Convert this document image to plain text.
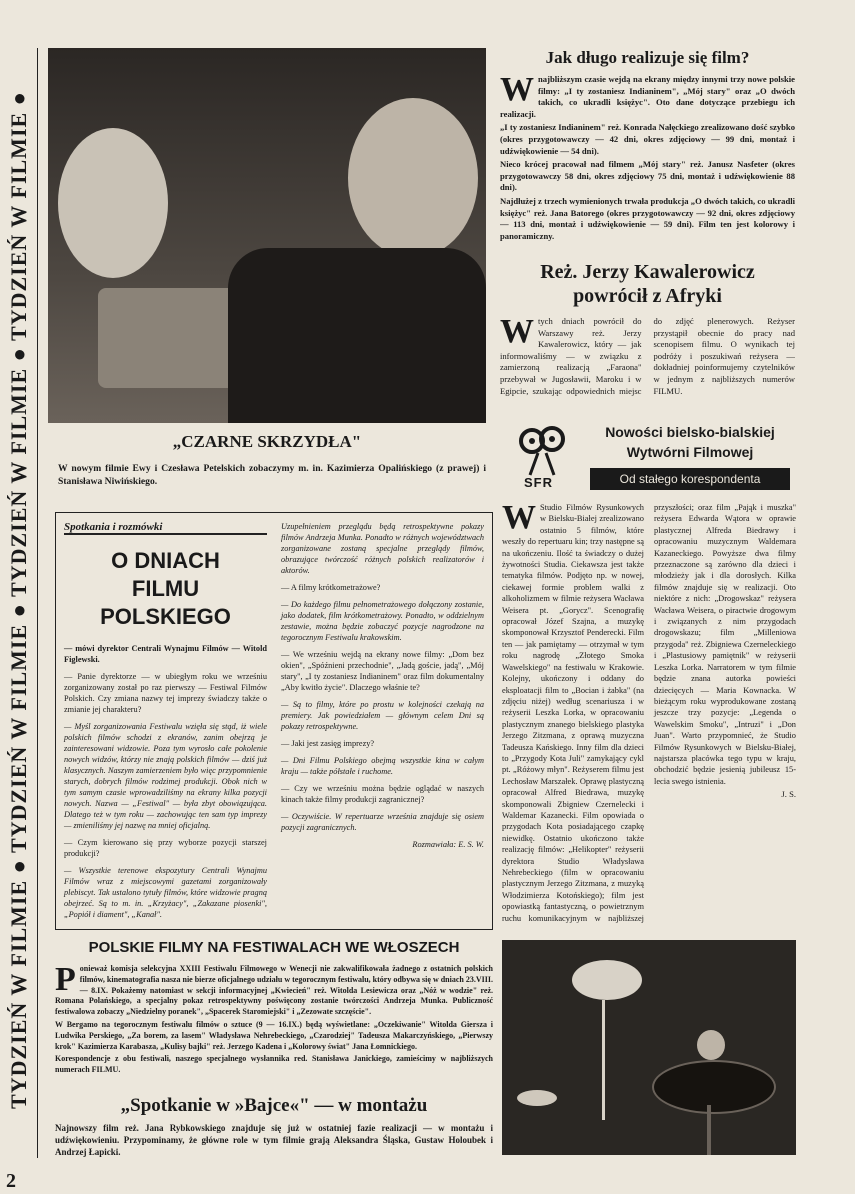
TYDZIEŃ W FILMIE ● TYDZIEŃ W FILMIE ● TYDZIEŃ W FILMIE ● TYDZIEŃ W FILMIE ●
2
„CZARNE SKRZYDŁA"
W nowym filmie Ewy i Czesława Petelskich zobaczymy m. in. Kazimierza Opalińskiego (z prawej) i Stanisława Niwińskiego.
Jak długo realizuje się film?

Wnajbliższym czasie wejdą na ekrany między innymi trzy nowe polskie filmy: „I ty zostaniesz Indianinem", „Mój stary" oraz „O dwóch takich, co ukradli księżyc". Oto dane dotyczące przebiegu ich realizacji.

„I ty zostaniesz Indianinem" reż. Konrada Nałęckiego zrealizowano dość szybko (okres przygotowawczy — 42 dni, okres zdjęciowy — 99 dni, montaż i udźwiękowienie — 54 dni).

Nieco krócej pracował nad filmem „Mój stary" reż. Janusz Nasfeter (okres przygotowawczy 58 dni, okres zdjęciowy 75 dni, montaż i udźwiękowienie 88 dni).

Najdłużej z trzech wymienionych trwała produkcja „O dwóch takich, co ukradli księżyc" reż. Jana Batorego (okres przygotowawczy — 92 dni, okres zdjęciowy — 113 dni, montaż i udźwiękowienie — 59 dni). Film ten jest kolorowy i panoramiczny.

Reż. Jerzy Kawalerowicz
powrócił z Afryki

Wtych dniach powrócił do Warszawy reż. Jerzy Kawalerowicz, który — jak informowaliśmy — w związku z zamierzoną realizacją „Faraona" przebywał w Jugosławii, Maroku i w Egipcie, szukając odpowiednich miejsc do zdjęć plenerowych. Reżyser przystąpił obecnie do pracy nad scenopisem filmu. O wynikach tej podróży i poszukiwań reżysera — dokładniej poinformujemy czytelników w jednym z najbliższych numerów FILMU.

SFR
Nowości bielsko-bialskiej
Wytwórni Filmowej
Od stałego korespondenta

W Studio Filmów Rysunkowych w Bielsku-Białej zrealizowano ostatnio 5 filmów, które weszły do repertuaru kin; trzy następne są na ukończeniu. Ilość ta świadczy o dużej żywotności Studia. Ciekawsza jest także tematyka filmów. Podjęto np. w nowej, ciekawej formie problem walki z alkoholizmem w filmie reżysera Wacława Weisera pt. „Gorycz". Scenografię opracował Józef Szajna, a muzykę skomponował Krzysztof Penderecki. Film ten — jak pamiętamy — otrzymał w tym roku nagrodę „Złotego Smoka Wawelskiego" na festiwalu w Krakowie. Kolejny, ukończony i oddany do eksploatacji film to „Bocian i żabka" (na zdjęciu niżej) według scenariusza i w reżyserii Leszka Lorka, w opracowaniu plastycznym znanego bielskiego plastyka Jerzego Zitzmana, z oprawą muzyczna Tadeusza Kańskiego. Inny film dla dzieci to „Przygody Kota Juli" zamykający cykl pt. „Różowy młyn". Reżyserem filmu jest Lechosław Marszałek. Oprawę plastyczną opracował Alfred Biedrawa, muzykę skomponowali Zbigniew Czernelecki i Waldemar Kazanecki. Film opowiada o przygodach Kota posiadającego czapkę niewidkę. Ostatnio ukończono także realizację filmów: „Helikopter" reżyserii dyrektora Studio Władysława Nehrebeckiego (film w opracowaniu plastycznym Jerzego Zitzmana, z muzyką Włodzimierza Kotońskiego); film jest opowiastką fantastyczną, o powietrznym ruchu komunikacyjnym w najbliższej przyszłości; oraz film „Pająk i muszka" reżysera Edwarda Wątora w oprawie plastycznej Alfreda Biedrawy i opracowaniu muzycznym Waldemara Kazaneckiego. Powyższe dwa filmy przeznaczone są zarówno dla dzieci i młodzieży jak i dla dorosłych. Kilka filmów znajduje się w realizacji. Oto niektóre z nich: „Drogowskaz" reżysera Wacława Weisera, o piractwie drogowym i związanych z nim przygodach drogowskazu; film „Milleniowa przygoda" reż. Zbigniewa Czerneleckiego i „Plastusiowy pamiętnik" w reżyserii Leszka Lorka. Narratorem w tym filmie będzie znana autorka powieści dziecięcych — Maria Kownacka. W bieżącym roku wyprodukowane zostaną jeszcze trzy pozycje: „Legenda o Wawelskim Smoku", „Intruzi" i „Don Juan". Warto przypomnieć, że Studio Filmów Rysunkowych w Bielsku-Białej, najstarsza placówka tego typu w kraju, obchodzić będzie jesienią jubileusz 15-lecia swego istnienia.

J. S.

Spotkania i rozmówki
O DNIACH
FILMU POLSKIEGO

— mówi dyrektor Centrali Wynajmu Filmów — Witold Figlewski.

— Panie dyrektorze — w ubiegłym roku we wrześniu zorganizowany został po raz pierwszy — Festiwal Filmów Polskich. Czy zmiana nazwy tej imprezy świadczy także o zmianie jej charakteru?

— Myśl zorganizowania Festiwalu wzięła się stąd, iż wiele polskich filmów schodzi z ekranów, zanim obejrzą je zainteresowani widzowie. Poza tym wyrosło całe pokolenie nowych widzów, którzy nie znają polskich filmów — dziś już klasycznych. Naszym zamierzeniem było więc przypomnienie starych, dobrych filmów rodzimej produkcji. Obok nich w tym samym czasie wprowadziliśmy na ekrany kilka pozycji nowych. Nazwa — „Festiwal" — była zbyt obowiązująca. Dlatego też w tym roku — zachowując ten sam typ imprezy — zmieniliśmy jej nazwę na mniej oficjalną.

— Czym kierowano się przy wyborze pozycji starszej produkcji?

— Wszystkie terenowe ekspozytury Centrali Wynajmu Filmów wraz z miejscowymi gazetami zorganizowały plebiscyt. Tak ustalono tytuły filmów, które widzowie pragną obejrzeć. Są to m. in. „Krzyżacy", „Zakazane piosenki", „Popiół i diament", „Kanał".

Uzupełnieniem przeglądu będą retrospektywne pokazy filmów Andrzeja Munka. Ponadto w różnych województwach zorganizowane zostaną specjalne przeglądy filmów, obrazujące twórczość różnych polskich realizatorów i aktorów.

— A filmy krótkometrażowe?

— Do każdego filmu pełnometrażowego dołączony zostanie, jako dodatek, film krótkometrażowy. Ponadto, w oddzielnym zestawie, można będzie zobaczyć pozycje nagrodzone na tegorocznym Festiwalu krakowskim.

— We wrześniu wejdą na ekrany nowe filmy: „Dom bez okien", „Spóźnieni przechodnie", „Jadą goście, jadą", „Mój stary", „I ty zostaniesz Indianinem" oraz film dokumentalny „Aby kwitło życie". Dlaczego właśnie te?

— Są to filmy, które po prostu w kolejności czekają na premiery. Jak powiedziałem — głównym celem Dni są pokazy retrospektywne.

— Jaki jest zasięg imprezy?

— Dni Filmu Polskiego obejmą wszystkie kina w całym kraju — także półstałe i ruchome.

— Czy we wrześniu można będzie oglądać w naszych kinach także filmy produkcji zagranicznej?

— Oczywiście. W repertuarze września znajduje się osiem pozycji zagranicznych.

Rozmawiała: E. S. W.

POLSKIE FILMY NA FESTIWALACH WE WŁOSZECH

Ponieważ komisja selekcyjna XXIII Festiwalu Filmowego w Wenecji nie zakwalifikowała żadnego z ostatnich polskich filmów, kinematografia nasza nie bierze oficjalnego udziału w tegorocznym festiwalu, który odbywa się w dniach 23.VIII. — 8.IX. Pokażemy natomiast w sekcji informacyjnej „Kwiecień" reż. Witolda Lesiewicza oraz „Nóż w wodzie" reż. Romana Polańskiego, a specjalny pokaz retrospektywny poświęcony zostanie twórczości Andrzeja Munka. Publiczność festiwalowa zobaczy „Niedzielny poranek", „Spacerek Staromiejski" i „Zezowate szczęście".

W Bergamo na tegorocznym festiwalu filmów o sztuce (9 — 16.IX.) będą wyświetlane: „Oczekiwanie" Witolda Giersza i Ludwika Perskiego, „Za borem, za lasem" Władysława Nehrebeckiego, „Czarodziej" Tadeusza Makarczyńskiego, „Pierwszy krok" Kazimierza Karabasza, „Kulisy bajki" reż. Jerzego Kadena i „Kolorowy świat" Jana Łomnickiego.

Korespondencje z obu festiwali, naszego specjalnego wysłannika red. Stanisława Janickiego, zamieścimy w najbliższych numerach FILMU.

„Spotkanie w »Bajce«" — w montażu

Najnowszy film reż. Jana Rybkowskiego znajduje się już w ostatniej fazie realizacji — w montażu i udźwiękowieniu. Przypominamy, że główne role w tym filmie grają Aleksandra Śląska, Gustaw Holoubek i Andrzej Łapicki.
